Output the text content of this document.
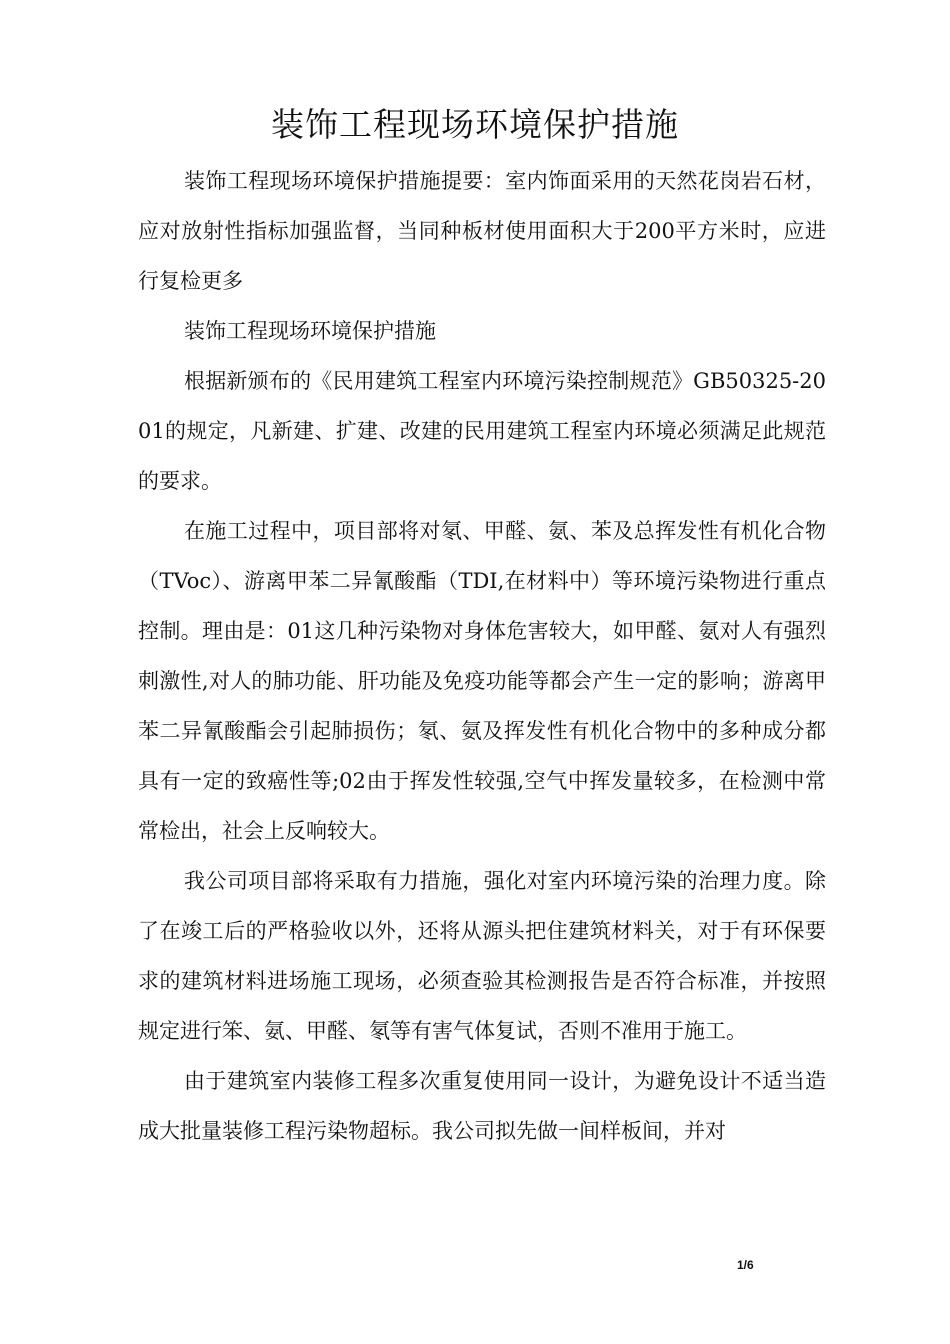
装饰工程现场环境保护措施

装饰工程现场环境保护措施提要：室内饰面采用的天然花岗岩石材，应对放射性指标加强监督，当同种板材使用面积大于200平方米时，应进行复检更多

装饰工程现场环境保护措施

根据新颁布的《民用建筑工程室内环境污染控制规范》GB50325-2001的规定，凡新建、扩建、改建的民用建筑工程室内环境必须满足此规范的要求。

在施工过程中，项目部将对氡、甲醛、氨、苯及总挥发性有机化合物（TVoc）、游离甲苯二异氰酸酯（TDI,在材料中）等环境污染物进行重点控制。理由是：01这几种污染物对身体危害较大，如甲醛、氨对人有强烈刺激性,对人的肺功能、肝功能及免疫功能等都会产生一定的影响；游离甲苯二异氰酸酯会引起肺损伤；氡、氨及挥发性有机化合物中的多种成分都具有一定的致癌性等;02由于挥发性较强,空气中挥发量较多，在检测中常常检出，社会上反响较大。

我公司项目部将采取有力措施，强化对室内环境污染的治理力度。除了在竣工后的严格验收以外，还将从源头把住建筑材料关，对于有环保要求的建筑材料进场施工现场，必须查验其检测报告是否符合标准，并按照规定进行笨、氨、甲醛、氡等有害气体复试，否则不准用于施工。

由于建筑室内装修工程多次重复使用同一设计，为避免设计不适当造成大批量装修工程污染物超标。我公司拟先做一间样板间，并对

1/6
